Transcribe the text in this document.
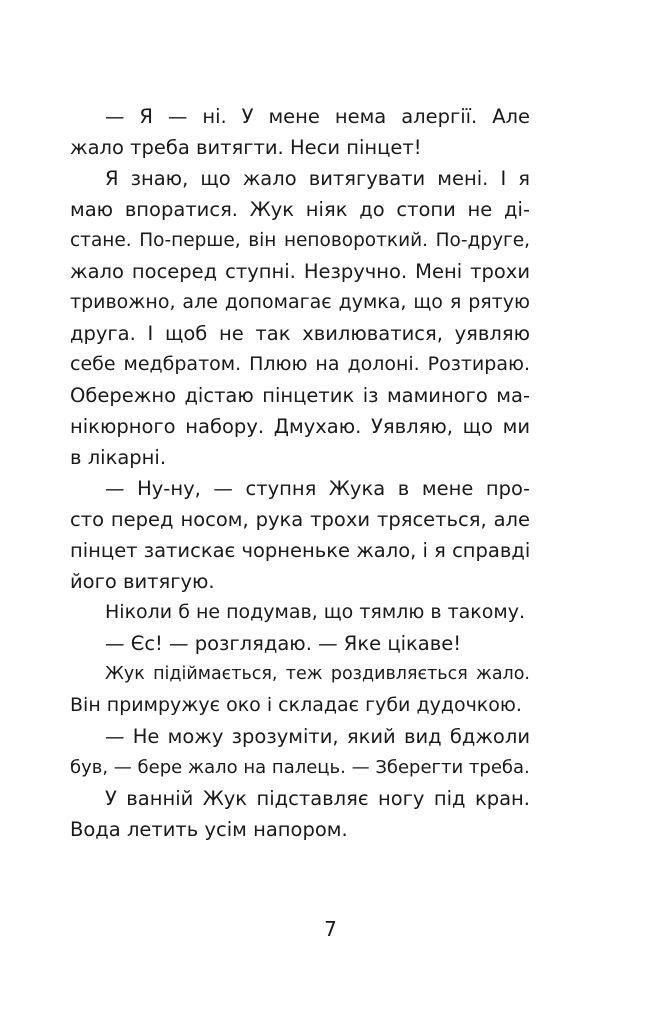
— Я — ні. У мене нема алергії. Але
жало треба витягти. Неси пінцет!

Я знаю, що жало витягувати мені. І я
маю впоратися. Жук ніяк до стопи не ді-
стане. По-перше, він неповороткий. По-друге,
жало посеред ступні. Незручно. Мені трохи
тривожно, але допомагає думка, що я рятую
друга. І щоб не так хвилюватися, уявляю
себе медбратом. Плюю на долоні. Розтираю.
Обережно дістаю пінцетик із маминого ма-
нікюрного набору. Дмухаю. Уявляю, що ми
в лікарні.

— Ну-ну, — ступня Жука в мене про-
сто перед носом, рука трохи трясеться, але
пінцет затискає чорненьке жало, і я справді
його витягую.

Ніколи б не подумав, що тямлю в такому.

— Єс! — розглядаю. — Яке цікаве!

Жук підіймається, теж роздивляється жало.
Він примружує око і складає губи дудочкою.

— Не можу зрозуміти, який вид бджоли
був, — бере жало на палець. — Зберегти треба.

У ванній Жук підставляє ногу під кран.
Вода летить усім напором.

7
